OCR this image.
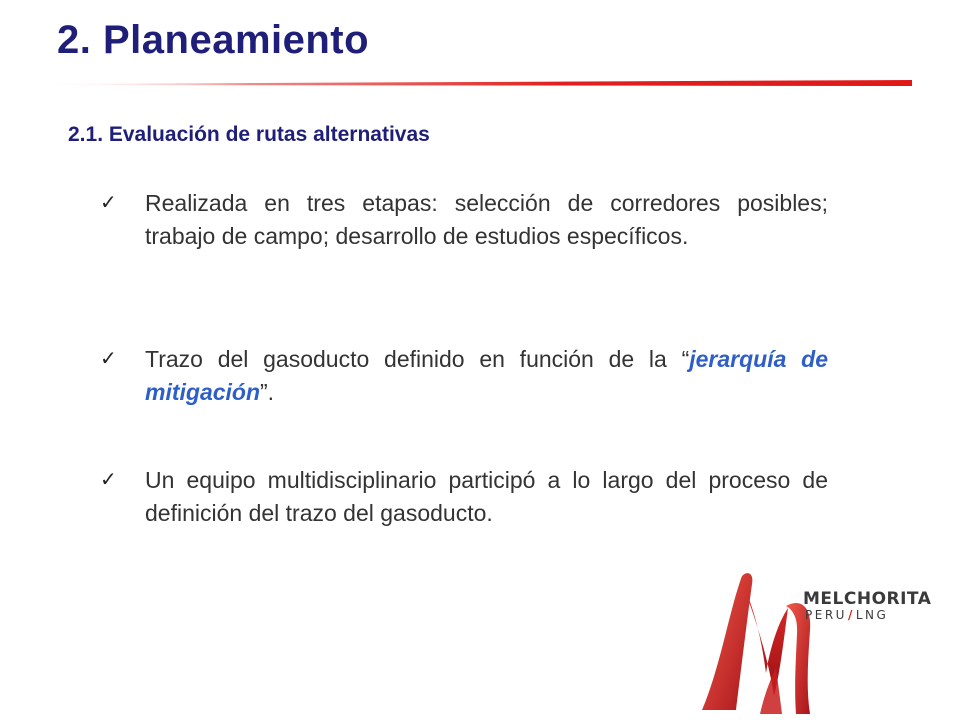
2. Planeamiento
2.1. Evaluación de rutas alternativas
✓	Realizada en tres etapas: selección de corredores posibles; trabajo de campo; desarrollo de estudios específicos.
✓	Trazo del gasoducto definido en función de la “jerarquía de mitigación”.
✓	Un equipo multidisciplinario participó a lo largo del proceso de definición del trazo del gasoducto.
MELCHORITA
PERU/LNG
